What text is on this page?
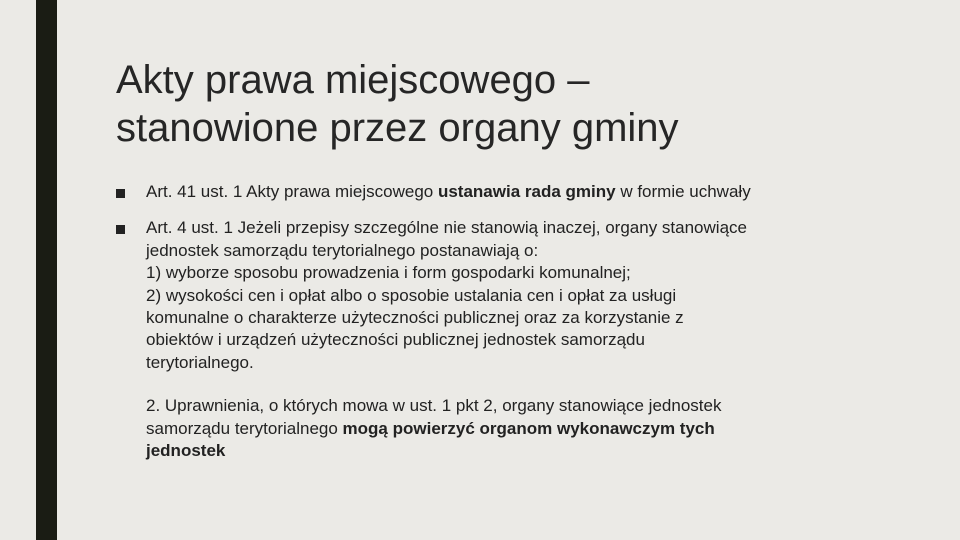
Akty prawa miejscowego –
stanowione przez organy gminy
Art. 41 ust. 1 Akty prawa miejscowego ustanawia rada gminy w formie uchwały
Art. 4 ust. 1 Jeżeli przepisy szczególne nie stanowią inaczej, organy stanowiące
jednostek samorządu terytorialnego postanawiają o:
1) wyborze sposobu prowadzenia i form gospodarki komunalnej;
2) wysokości cen i opłat albo o sposobie ustalania cen i opłat za usługi
komunalne o charakterze użyteczności publicznej oraz za korzystanie z
obiektów i urządzeń użyteczności publicznej jednostek samorządu
terytorialnego.
2. Uprawnienia, o których mowa w ust. 1 pkt 2, organy stanowiące jednostek
samorządu terytorialnego mogą powierzyć organom wykonawczym tych
jednostek
